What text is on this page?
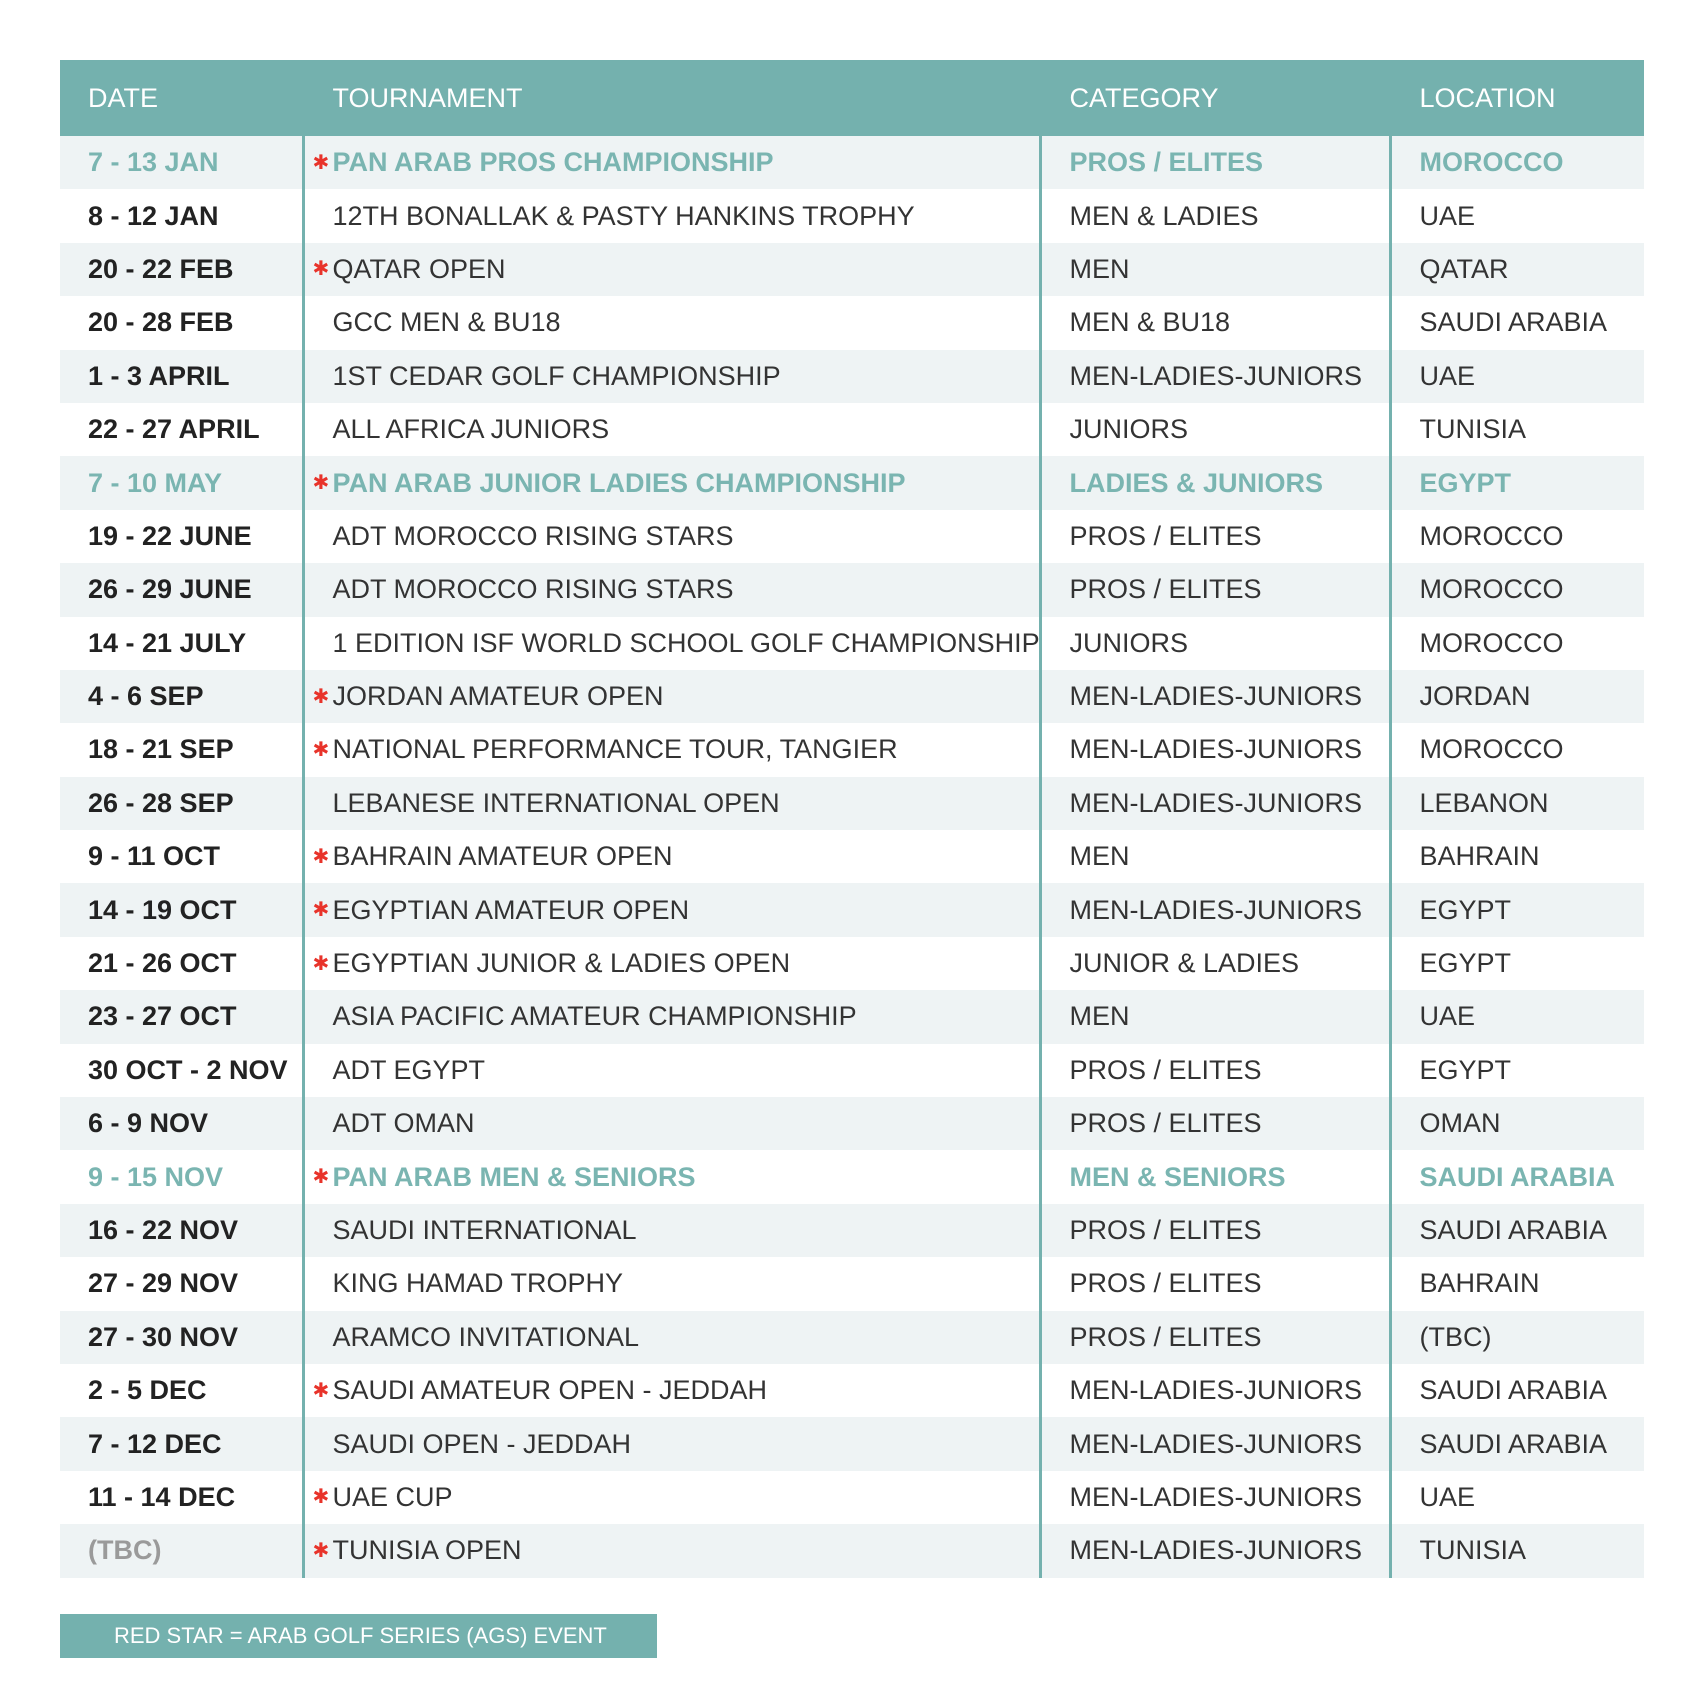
DATE	TOURNAMENT	CATEGORY	LOCATION
7 - 13 JAN	✱ PAN ARAB PROS CHAMPIONSHIP	PROS / ELITES	MOROCCO
8 - 12 JAN	12TH BONALLAK & PASTY HANKINS TROPHY	MEN & LADIES	UAE
20 - 22 FEB	✱ QATAR OPEN	MEN	QATAR
20 - 28 FEB	GCC MEN & BU18	MEN & BU18	SAUDI ARABIA
1 - 3 APRIL	1ST CEDAR GOLF CHAMPIONSHIP	MEN-LADIES-JUNIORS	UAE
22 - 27 APRIL	ALL AFRICA JUNIORS	JUNIORS	TUNISIA
7 - 10 MAY	✱ PAN ARAB JUNIOR LADIES CHAMPIONSHIP	LADIES & JUNIORS	EGYPT
19 - 22 JUNE	ADT MOROCCO RISING STARS	PROS / ELITES	MOROCCO
26 - 29 JUNE	ADT MOROCCO RISING STARS	PROS / ELITES	MOROCCO
14 - 21 JULY	1 EDITION ISF WORLD SCHOOL GOLF CHAMPIONSHIP	JUNIORS	MOROCCO
4 - 6 SEP	✱ JORDAN AMATEUR OPEN	MEN-LADIES-JUNIORS	JORDAN
18 - 21 SEP	✱ NATIONAL PERFORMANCE TOUR, TANGIER	MEN-LADIES-JUNIORS	MOROCCO
26 - 28 SEP	LEBANESE INTERNATIONAL OPEN	MEN-LADIES-JUNIORS	LEBANON
9 - 11 OCT	✱ BAHRAIN AMATEUR OPEN	MEN	BAHRAIN
14 - 19 OCT	✱ EGYPTIAN AMATEUR OPEN	MEN-LADIES-JUNIORS	EGYPT
21 - 26 OCT	✱ EGYPTIAN JUNIOR & LADIES OPEN	JUNIOR & LADIES	EGYPT
23 - 27 OCT	ASIA PACIFIC AMATEUR CHAMPIONSHIP	MEN	UAE
30 OCT - 2 NOV	ADT EGYPT	PROS / ELITES	EGYPT
6 - 9 NOV	ADT OMAN	PROS / ELITES	OMAN
9 - 15 NOV	✱ PAN ARAB MEN & SENIORS	MEN & SENIORS	SAUDI ARABIA
16 - 22 NOV	SAUDI INTERNATIONAL	PROS / ELITES	SAUDI ARABIA
27 - 29 NOV	KING HAMAD TROPHY	PROS / ELITES	BAHRAIN
27 - 30 NOV	ARAMCO INVITATIONAL	PROS / ELITES	(TBC)
2 - 5 DEC	✱ SAUDI AMATEUR OPEN - JEDDAH	MEN-LADIES-JUNIORS	SAUDI ARABIA
7 - 12 DEC	SAUDI OPEN - JEDDAH	MEN-LADIES-JUNIORS	SAUDI ARABIA
11 - 14 DEC	✱ UAE CUP	MEN-LADIES-JUNIORS	UAE
(TBC)	✱ TUNISIA OPEN	MEN-LADIES-JUNIORS	TUNISIA
RED STAR = ARAB GOLF SERIES (AGS) EVENT
